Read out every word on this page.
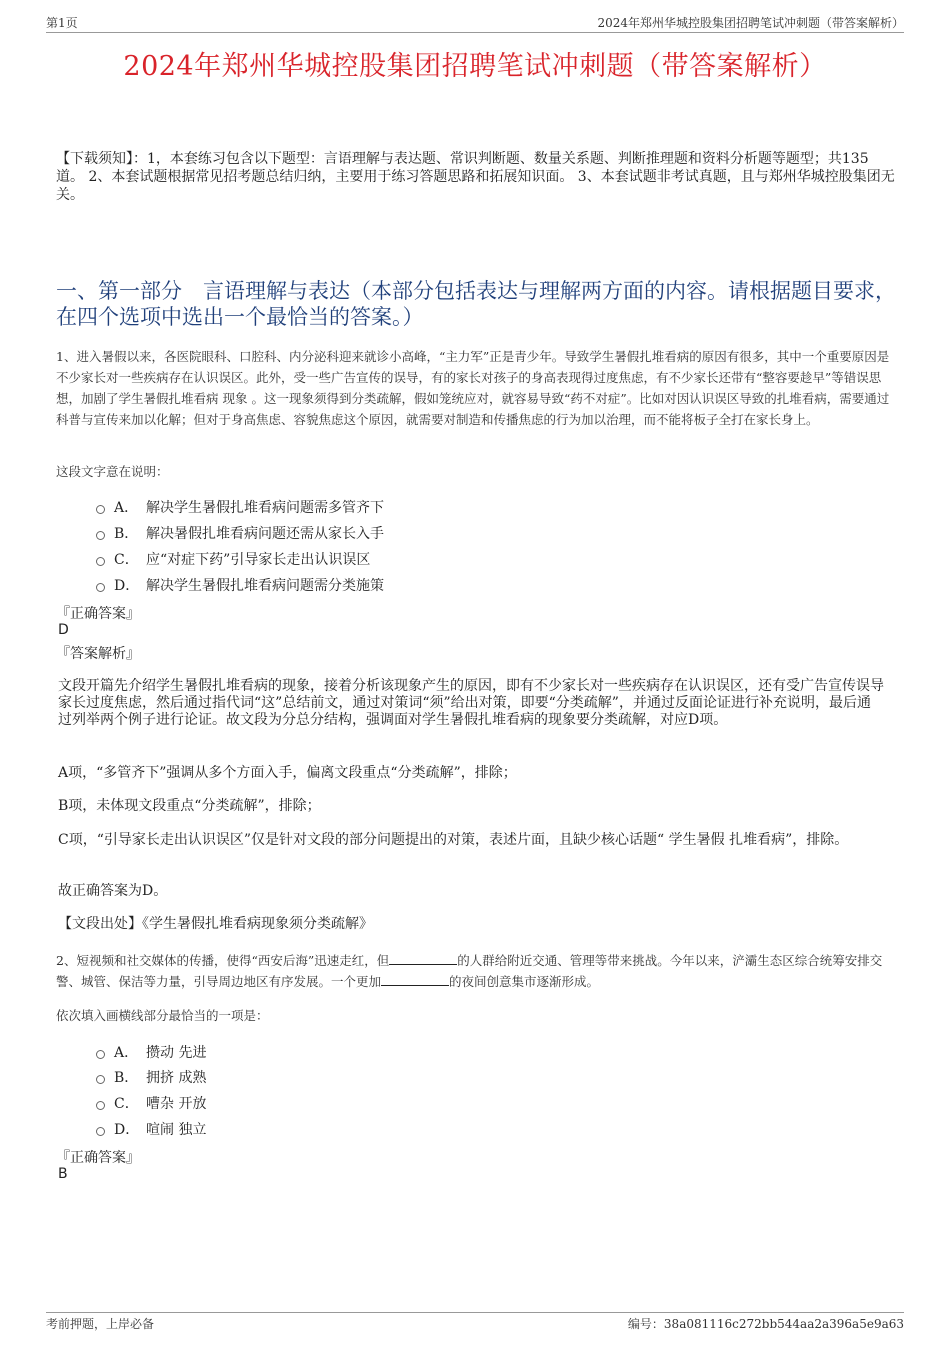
第1页	2024年郑州华城控股集团招聘笔试冲刺题（带答案解析）
2024年郑州华城控股集团招聘笔试冲刺题（带答案解析）
【下载须知】：1，本套练习包含以下题型：言语理解与表达题、常识判断题、数量关系题、判断推理题和资料分析题等题型；共135道。 2、本套试题根据常见招考题总结归纳，主要用于练习答题思路和拓展知识面。 3、本套试题非考试真题，且与郑州华城控股集团无关。
一、第一部分　言语理解与表达（本部分包括表达与理解两方面的内容。请根据题目要求，在四个选项中选出一个最恰当的答案。）
1、进入暑假以来，各医院眼科、口腔科、内分泌科迎来就诊小高峰，“主力军”正是青少年。导致学生暑假扎堆看病的原因有很多，其中一个重要原因是不少家长对一些疾病存在认识误区。此外，受一些广告宣传的误导，有的家长对孩子的身高表现得过度焦虑，有不少家长还带有“整容要趁早”等错误思想，加剧了学生暑假扎堆看病 现象 。这一现象须得到分类疏解，假如笼统应对，就容易导致“药不对症”。比如对因认识误区导致的扎堆看病，需要通过科普与宣传来加以化解；但对于身高焦虑、容貌焦虑这个原因，就需要对制造和传播焦虑的行为加以治理，而不能将板子全打在家长身上。
这段文字意在说明：
A． 解决学生暑假扎堆看病问题需多管齐下
B． 解决暑假扎堆看病问题还需从家长入手
C． 应“对症下药”引导家长走出认识误区
D． 解决学生暑假扎堆看病问题需分类施策
『正确答案』
D
『答案解析』
文段开篇先介绍学生暑假扎堆看病的现象，接着分析该现象产生的原因，即有不少家长对一些疾病存在认识误区，还有受广告宣传误导家长过度焦虑，然后通过指代词“这”总结前文，通过对策词“须”给出对策，即要“分类疏解”，并通过反面论证进行补充说明，最后通过列举两个例子进行论证。故文段为分总分结构，强调面对学生暑假扎堆看病的现象要分类疏解，对应D项。
A项，“多管齐下”强调从多个方面入手，偏离文段重点“分类疏解”，排除；
B项，未体现文段重点“分类疏解”，排除；
C项，“引导家长走出认识误区”仅是针对文段的部分问题提出的对策，表述片面，且缺少核心话题“ 学生暑假 扎堆看病”，排除。
故正确答案为D。
【文段出处】《学生暑假扎堆看病现象须分类疏解》
2、短视频和社交媒体的传播，使得“西安后海”迅速走红，但	的人群给附近交通、管理等带来挑战。今年以来，浐灞生态区综合统筹安排交警、城管、保洁等力量，引导周边地区有序发展。一个更加	的夜间创意集市逐渐形成。
依次填入画横线部分最恰当的一项是：
A． 攒动 先进
B． 拥挤 成熟
C． 嘈杂 开放
D． 喧闹 独立
『正确答案』
B
考前押题，上岸必备	编号：38a081116c272bb544aa2a396a5e9a63
